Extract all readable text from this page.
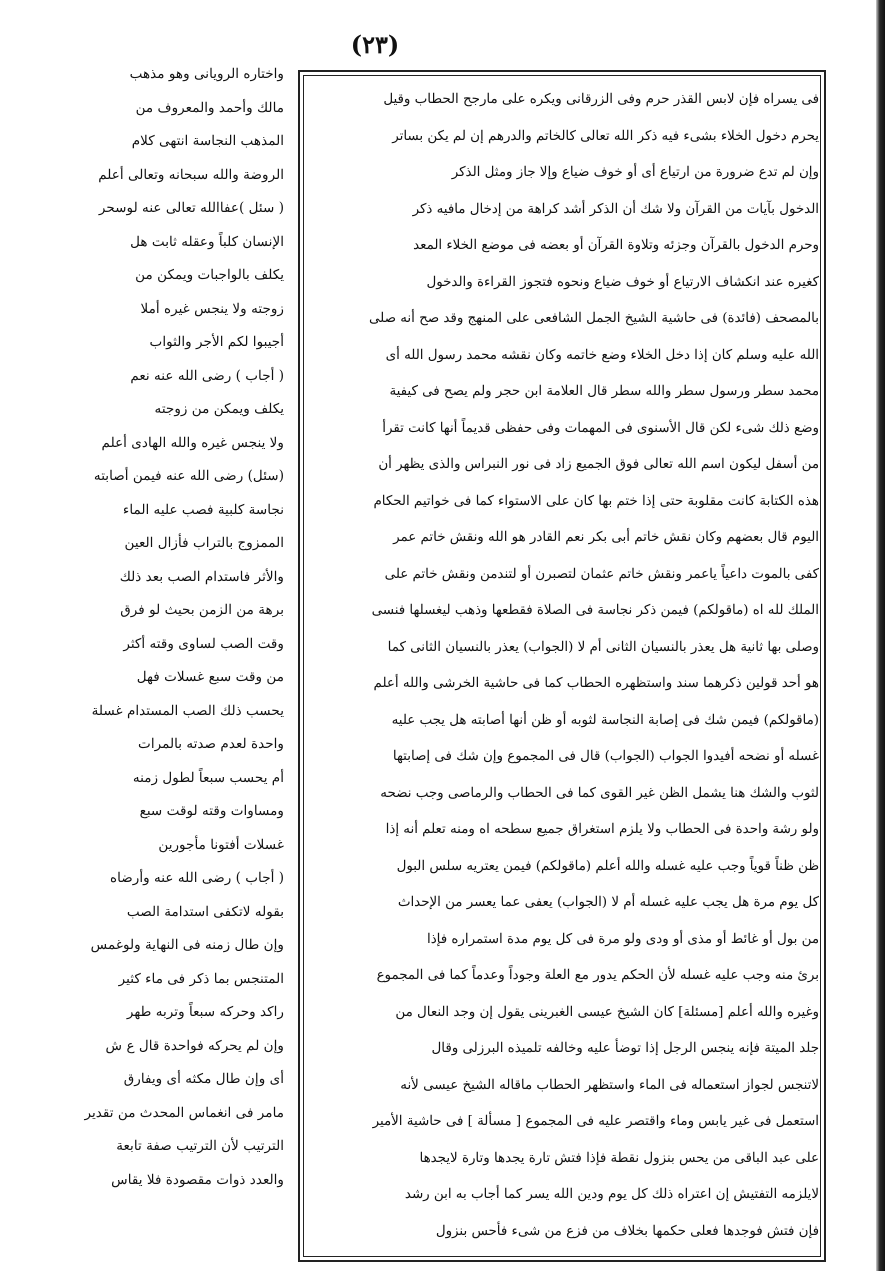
(٢٣)
واختاره الرويانى وهو مذهب
مالك وأحمد والمعروف من
المذهب النجاسة انتهى كلام
الروضة والله سبحانه وتعالى أعلم
( سئل )عفاالله تعالى عنه لوسحر
الإنسان كلباً وعقله ثابت هل
يكلف بالواجبات ويمكن من
زوجته ولا ينجس غيره أملا
أجيبوا لكم الأجر والثواب
( أجاب ) رضى الله عنه نعم
يكلف ويمكن من زوجته
ولا ينجس غيره والله الهادى أعلم
(سئل) رضى الله عنه فيمن أصابته
نجاسة كلبية فصب عليه الماء
الممزوج بالتراب فأزال العين
والأثر فاستدام الصب بعد ذلك
برهة من الزمن بحيث لو فرق
وقت الصب لساوى وقته أكثر
من وقت سبع غسلات فهل
يحسب ذلك الصب المستدام غسلة
واحدة لعدم صدته بالمرات
أم يحسب سبعاً لطول زمنه
ومساوات وقته لوقت سبع
غسلات أفتونا مأجورين
( أجاب ) رضى الله عنه وأرضاه
بقوله لاتكفى استدامة الصب
وإن طال زمنه فى النهاية ولوغمس
المتنجس بما ذكر فى ماء كثير
راكد وحركه سبعاً وتربه طهر
وإن لم يحركه فواحدة قال ع ش
أى وإن طال مكثه أى ويفارق
مامر فى انغماس المحدث من تقدير
الترتيب لأن الترتيب صفة تابعة
والعدد ذوات مقصودة فلا يقاس
فى يسراه فإن لابس القذر حرم وفى الزرقانى ويكره على مارجح الحطاب وقيل
يحرم دخول الخلاء بشىء فيه ذكر الله تعالى كالخاتم والدرهم إن لم يكن بساتر
وإن لم تدع ضرورة من ارتياع أى أو خوف ضياع وإلا جاز ومثل الذكر
الدخول بآيات من القرآن ولا شك أن الذكر أشد كراهة من إدخال مافيه ذكر
وحرم الدخول بالقرآن وجزئه وتلاوة القرآن أو بعضه فى موضع الخلاء المعد
كغيره عند انكشاف الارتياع أو خوف ضياع ونحوه فتجوز القراءة والدخول
بالمصحف (فائدة) فى حاشية الشيخ الجمل الشافعى على المنهج وقد صح أنه صلى
الله عليه وسلم كان إذا دخل الخلاء وضع خاتمه وكان نقشه محمد رسول الله أى
محمد سطر ورسول سطر والله سطر قال العلامة ابن حجر ولم يصح فى كيفية
وضع ذلك شىء لكن قال الأسنوى فى المهمات وفى حفظى قديماً أنها كانت تقرأ
من أسفل ليكون اسم الله تعالى فوق الجميع زاد فى نور النبراس والذى يظهر أن
هذه الكتابة كانت مقلوبة حتى إذا ختم بها كان على الاستواء كما فى خواتيم الحكام
اليوم قال بعضهم وكان نقش خاتم أبى بكر نعم القادر هو الله ونقش خاتم عمر
كفى بالموت داعياً ياعمر ونقش خاتم عثمان لتصبرن أو لتندمن ونقش خاتم على
الملك لله اه (ماقولكم) فيمن ذكر نجاسة فى الصلاة فقطعها وذهب ليغسلها فنسى
وصلى بها ثانية هل يعذر بالنسيان الثانى أم لا (الجواب) يعذر بالنسيان الثانى كما
هو أحد قولين ذكرهما سند واستظهره الحطاب كما فى حاشية الخرشى والله أعلم
(ماقولكم) فيمن شك فى إصابة النجاسة لثوبه أو ظن أنها أصابته هل يجب عليه
غسله أو نضحه أفيدوا الجواب (الجواب) قال فى المجموع وإن شك فى إصابتها
لثوب والشك هنا يشمل الظن غير القوى كما فى الحطاب والرماصى وجب نضحه
ولو رشة واحدة فى الحطاب ولا يلزم استغراق جميع سطحه اه ومنه تعلم أنه إذا
ظن ظناً قوياً وجب عليه غسله والله أعلم (ماقولكم) فيمن يعتريه سلس البول
كل يوم مرة هل يجب عليه غسله أم لا (الجواب) يعفى عما يعسر من الإحداث
من بول أو غائط أو مذى أو ودى ولو مرة فى كل يوم مدة استمراره فإذا
برئ منه وجب عليه غسله لأن الحكم يدور مع العلة وجوداً وعدماً كما فى المجموع
وغيره والله أعلم [مسئلة] كان الشيخ عيسى الغبرينى يقول إن وجد النعال من
جلد الميتة فإنه ينجس الرجل إذا توضأ عليه وخالفه تلميذه البرزلى وقال
لاتنجس لجواز استعماله فى الماء واستظهر الحطاب ماقاله الشيخ عيسى لأنه
استعمل فى غير يابس وماء واقتصر عليه فى المجموع [ مسألة ] فى حاشية الأمير
على عبد الباقى من يحس بنزول نقطة فإذا فتش تارة يجدها وتارة لايجدها
لايلزمه التفتيش إن اعتراه ذلك كل يوم ودين الله يسر كما أجاب به ابن رشد
فإن فتش فوجدها فعلى حكمها بخلاف من فزع من شىء فأحس بنزول
